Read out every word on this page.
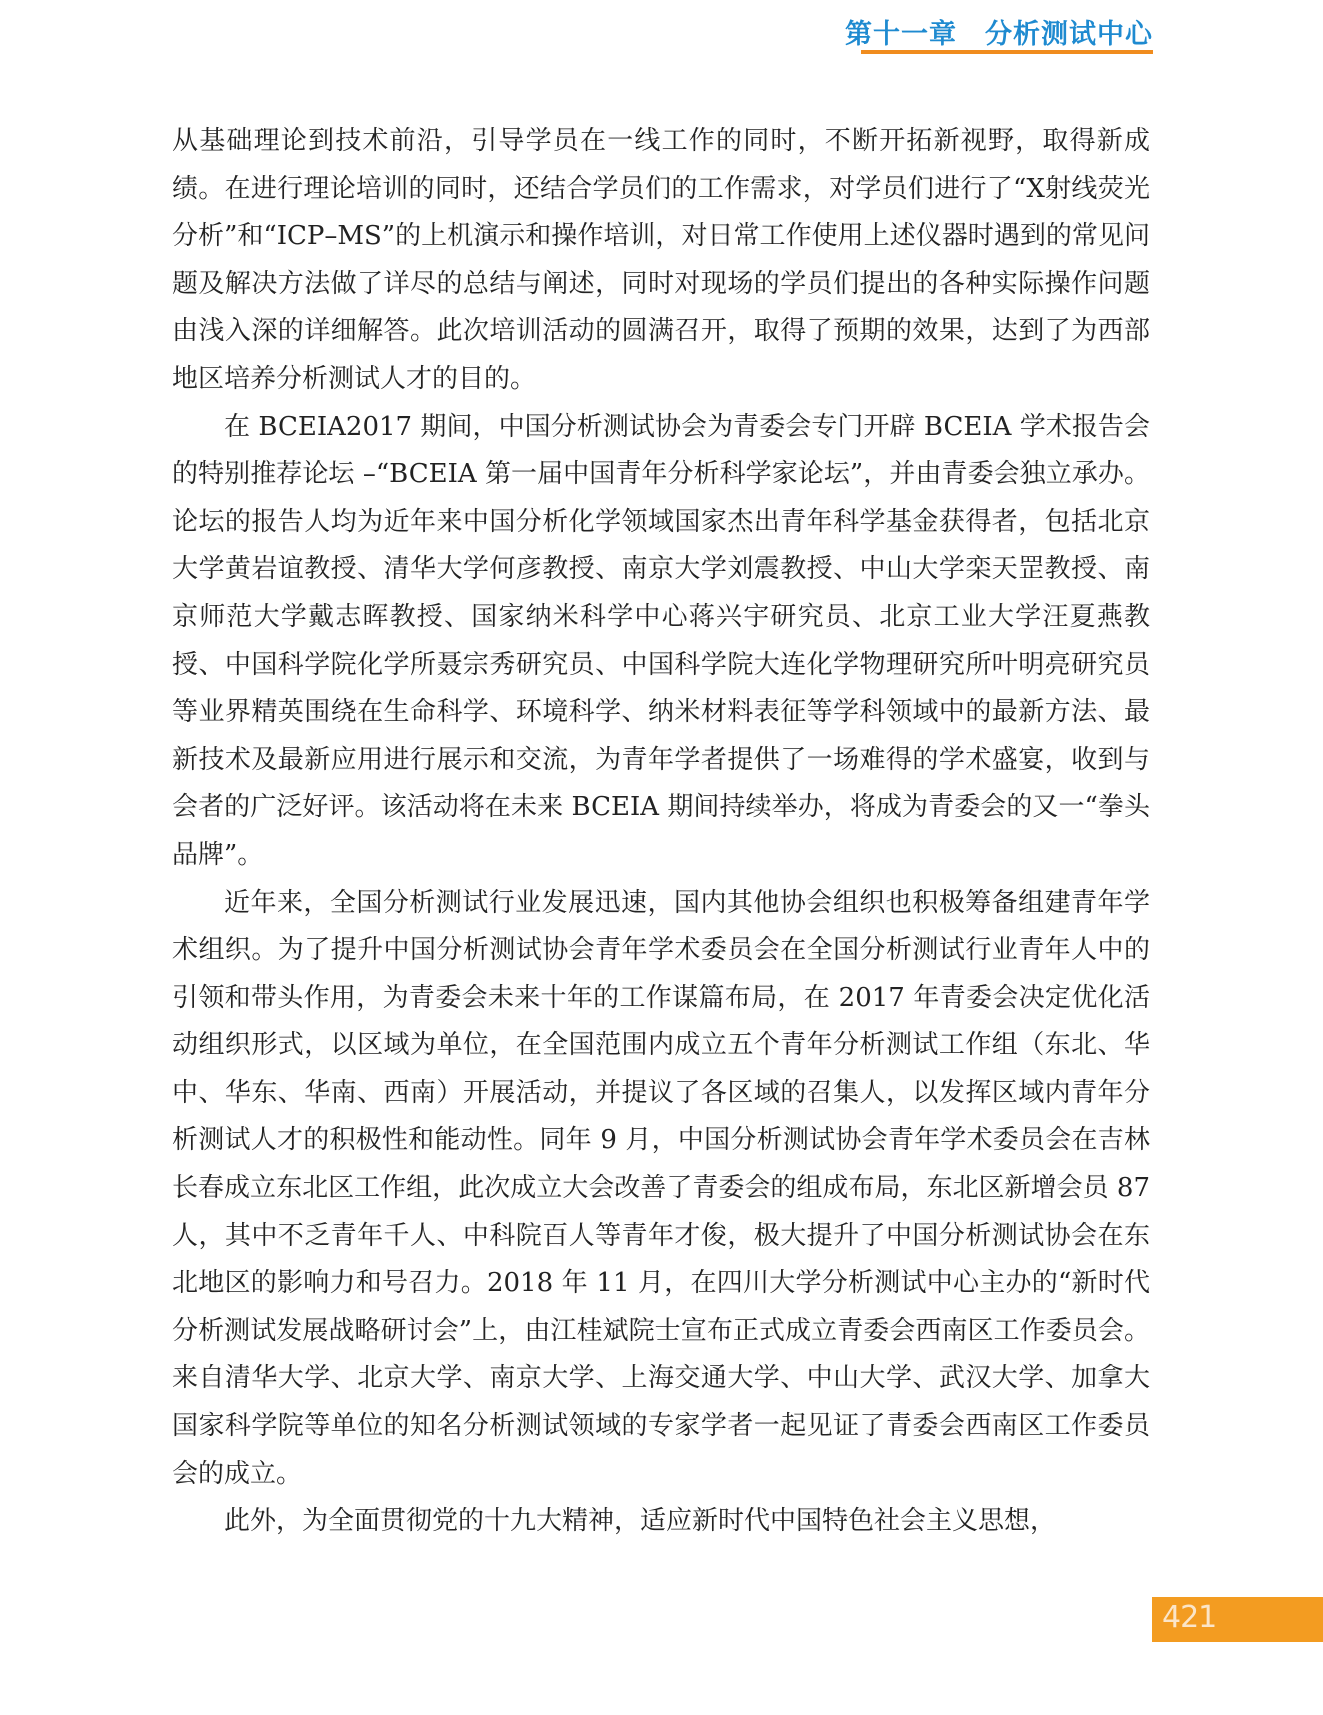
第十一章 分析测试中心

从基础理论到技术前沿，引导学员在一线工作的同时，不断开拓新视野，取得新成绩。在进行理论培训的同时，还结合学员们的工作需求，对学员们进行了“X射线荧光分析”和“ICP–MS”的上机演示和操作培训，对日常工作使用上述仪器时遇到的常见问题及解决方法做了详尽的总结与阐述，同时对现场的学员们提出的各种实际操作问题由浅入深的详细解答。此次培训活动的圆满召开，取得了预期的效果，达到了为西部地区培养分析测试人才的目的。

在 BCEIA2017 期间，中国分析测试协会为青委会专门开辟 BCEIA 学术报告会的特别推荐论坛 –“BCEIA 第一届中国青年分析科学家论坛”，并由青委会独立承办。论坛的报告人均为近年来中国分析化学领域国家杰出青年科学基金获得者，包括北京大学黄岩谊教授、清华大学何彦教授、南京大学刘震教授、中山大学栾天罡教授、南京师范大学戴志晖教授、国家纳米科学中心蒋兴宇研究员、北京工业大学汪夏燕教授、中国科学院化学所聂宗秀研究员、中国科学院大连化学物理研究所叶明亮研究员等业界精英围绕在生命科学、环境科学、纳米材料表征等学科领域中的最新方法、最新技术及最新应用进行展示和交流，为青年学者提供了一场难得的学术盛宴，收到与会者的广泛好评。该活动将在未来 BCEIA 期间持续举办，将成为青委会的又一“拳头品牌”。

近年来，全国分析测试行业发展迅速，国内其他协会组织也积极筹备组建青年学术组织。为了提升中国分析测试协会青年学术委员会在全国分析测试行业青年人中的引领和带头作用，为青委会未来十年的工作谋篇布局，在 2017 年青委会决定优化活动组织形式，以区域为单位，在全国范围内成立五个青年分析测试工作组（东北、华中、华东、华南、西南）开展活动，并提议了各区域的召集人，以发挥区域内青年分析测试人才的积极性和能动性。同年 9 月，中国分析测试协会青年学术委员会在吉林长春成立东北区工作组，此次成立大会改善了青委会的组成布局，东北区新增会员 87 人，其中不乏青年千人、中科院百人等青年才俊，极大提升了中国分析测试协会在东北地区的影响力和号召力。2018 年 11 月，在四川大学分析测试中心主办的“新时代分析测试发展战略研讨会”上，由江桂斌院士宣布正式成立青委会西南区工作委员会。来自清华大学、北京大学、南京大学、上海交通大学、中山大学、武汉大学、加拿大国家科学院等单位的知名分析测试领域的专家学者一起见证了青委会西南区工作委员会的成立。

此外，为全面贯彻党的十九大精神，适应新时代中国特色社会主义思想，

421
